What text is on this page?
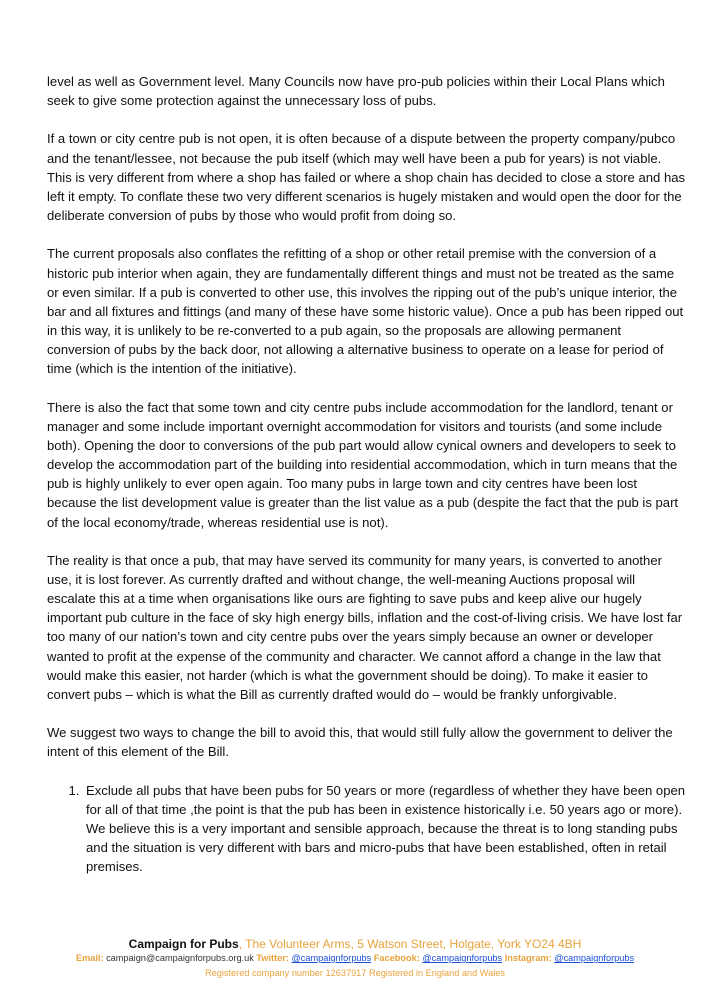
level as well as Government level. Many Councils now have pro-pub policies within their Local Plans which seek to give some protection against the unnecessary loss of pubs.

If a town or city centre pub is not open, it is often because of a dispute between the property company/pubco and the tenant/lessee, not because the pub itself (which may well have been a pub for years) is not viable. This is very different from where a shop has failed or where a shop chain has decided to close a store and has left it empty. To conflate these two very different scenarios is hugely mistaken and would open the door for the deliberate conversion of pubs by those who would profit from doing so.

The current proposals also conflates the refitting of a shop or other retail premise with the conversion of a historic pub interior when again, they are fundamentally different things and must not be treated as the same or even similar. If a pub is converted to other use, this involves the ripping out of the pub’s unique interior, the bar and all fixtures and fittings (and many of these have some historic value). Once a pub has been ripped out in this way, it is unlikely to be re-converted to a pub again, so the proposals are allowing permanent conversion of pubs by the back door, not allowing a alternative business to operate on a lease for period of time (which is the intention of the initiative).

There is also the fact that some town and city centre pubs include accommodation for the landlord, tenant or manager and some include important overnight accommodation for visitors and tourists (and some include both). Opening the door to conversions of the pub part would allow cynical owners and developers to seek to develop the accommodation part of the building into residential accommodation, which in turn means that the pub is highly unlikely to ever open again. Too many pubs in large town and city centres have been lost because the list development value is greater than the list value as a pub (despite the fact that the pub is part of the local economy/trade, whereas residential use is not).

The reality is that once a pub, that may have served its community for many years, is converted to another use, it is lost forever. As currently drafted and without change, the well-meaning Auctions proposal will escalate this at a time when organisations like ours are fighting to save pubs and keep alive our hugely important pub culture in the face of sky high energy bills, inflation and the cost-of-living crisis. We have lost far too many of our nation’s town and city centre pubs over the years simply because an owner or developer wanted to profit at the expense of the community and character. We cannot afford a change in the law that would make this easier, not harder (which is what the government should be doing). To make it easier to convert pubs – which is what the Bill as currently drafted would do – would be frankly unforgivable.

We suggest two ways to change the bill to avoid this, that would still fully allow the government to deliver the intent of this element of the Bill.

1. Exclude all pubs that have been pubs for 50 years or more (regardless of whether they have been open for all of that time ,the point is that the pub has been in existence historically i.e. 50 years ago or more). We believe this is a very important and sensible approach, because the threat is to long standing pubs and the situation is very different with bars and micro-pubs that have been established, often in retail premises.
Campaign for Pubs, The Volunteer Arms, 5 Watson Street, Holgate, York YO24 4BH
Email: campaign@campaignforpubs.org.uk Twitter: @campaignforpubs Facebook: @campaignforpubs Instagram: @campaignforpubs
Registered company number 12637917 Registered in England and Wales
